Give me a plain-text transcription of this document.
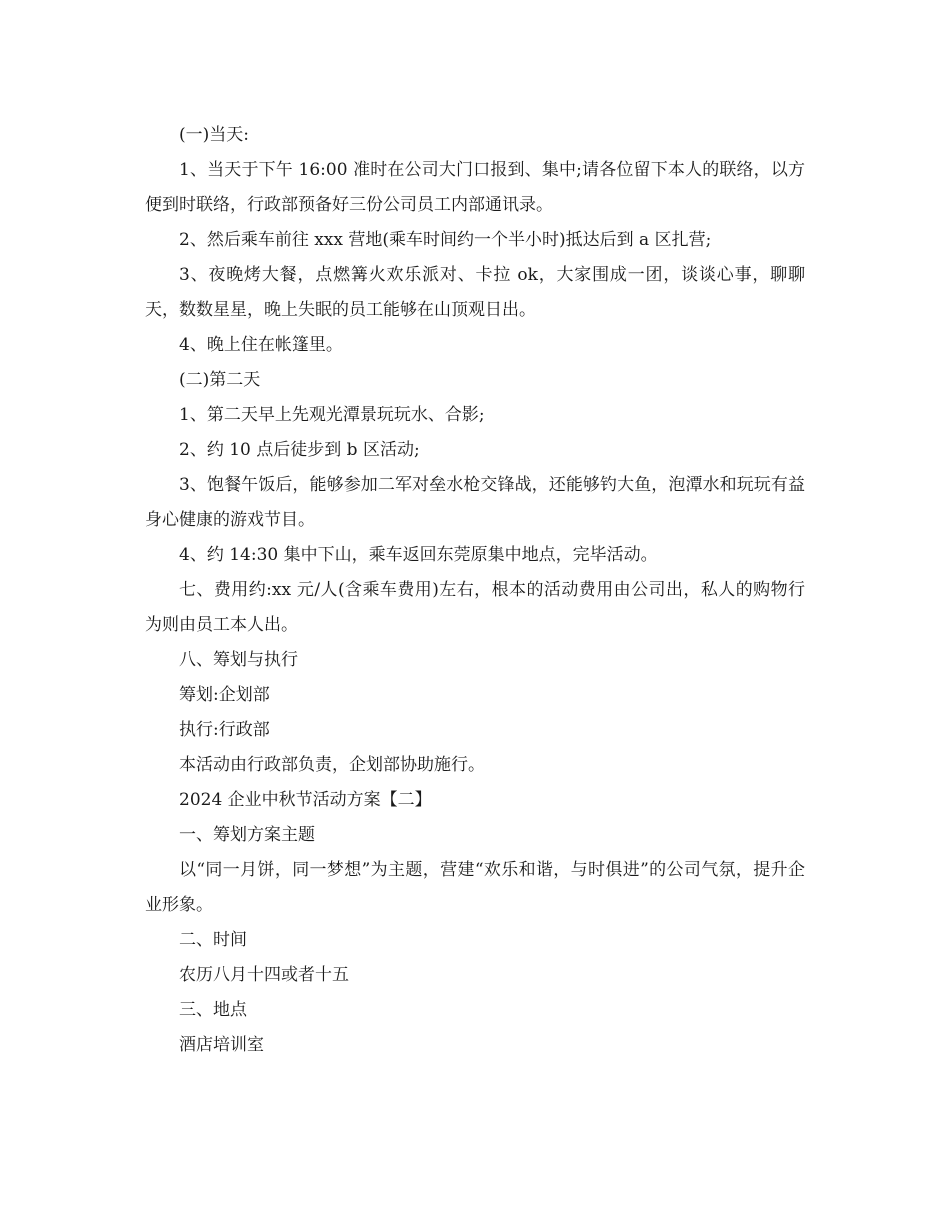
(一)当天:

1、当天于下午 16:00 准时在公司大门口报到、集中;请各位留下本人的联络，以方便到时联络，行政部预备好三份公司员工内部通讯录。

2、然后乘车前往 xxx 营地(乘车时间约一个半小时)抵达后到 a 区扎营;

3、夜晚烤大餐，点燃篝火欢乐派对、卡拉 ok，大家围成一团，谈谈心事，聊聊天，数数星星，晚上失眠的员工能够在山顶观日出。

4、晚上住在帐篷里。

(二)第二天

1、第二天早上先观光潭景玩玩水、合影;

2、约 10 点后徒步到 b 区活动;

3、饱餐午饭后，能够参加二军对垒水枪交锋战，还能够钓大鱼，泡潭水和玩玩有益身心健康的游戏节目。

4、约 14:30 集中下山，乘车返回东莞原集中地点，完毕活动。

七、费用约:xx 元/人(含乘车费用)左右，根本的活动费用由公司出，私人的购物行为则由员工本人出。

八、筹划与执行

筹划:企划部

执行:行政部

本活动由行政部负责，企划部协助施行。

2024 企业中秋节活动方案【二】

一、筹划方案主题

以“同一月饼，同一梦想”为主题，营建“欢乐和谐，与时俱进”的公司气氛，提升企业形象。

二、时间

农历八月十四或者十五

三、地点

酒店培训室
